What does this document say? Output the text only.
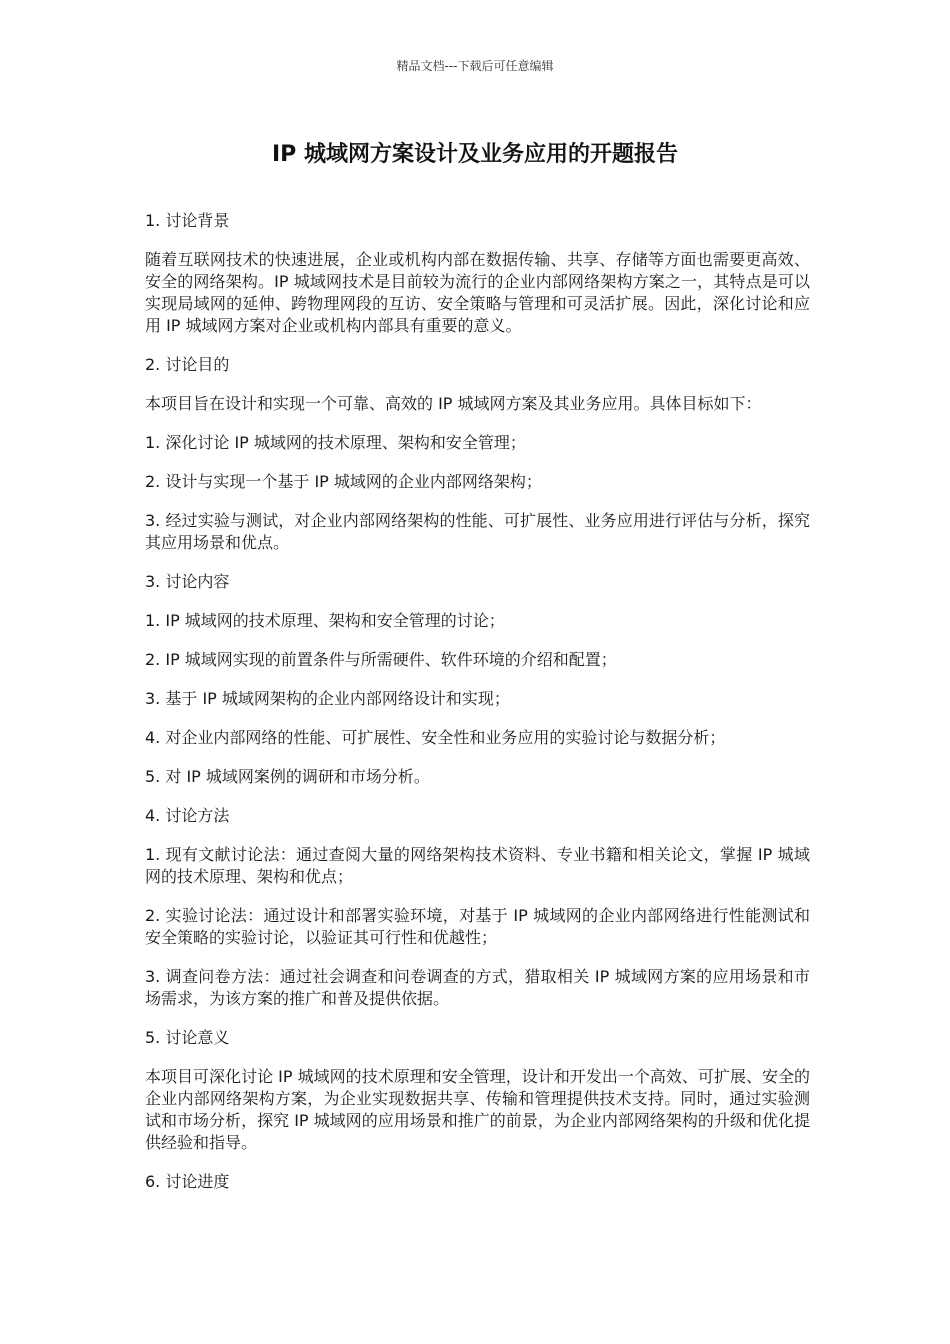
精品文档---下载后可任意编辑
IP 城域网方案设计及业务应用的开题报告

1. 讨论背景

随着互联网技术的快速进展，企业或机构内部在数据传输、共享、存储等方面也需要更高效、安全的网络架构。IP 城域网技术是目前较为流行的企业内部网络架构方案之一，其特点是可以实现局域网的延伸、跨物理网段的互访、安全策略与管理和可灵活扩展。因此，深化讨论和应用 IP 城域网方案对企业或机构内部具有重要的意义。

2. 讨论目的

本项目旨在设计和实现一个可靠、高效的 IP 城域网方案及其业务应用。具体目标如下：

1. 深化讨论 IP 城域网的技术原理、架构和安全管理；

2. 设计与实现一个基于 IP 城域网的企业内部网络架构；

3. 经过实验与测试，对企业内部网络架构的性能、可扩展性、业务应用进行评估与分析，探究其应用场景和优点。

3. 讨论内容

1. IP 城域网的技术原理、架构和安全管理的讨论；

2. IP 城域网实现的前置条件与所需硬件、软件环境的介绍和配置；

3. 基于 IP 城域网架构的企业内部网络设计和实现；

4. 对企业内部网络的性能、可扩展性、安全性和业务应用的实验讨论与数据分析；

5. 对 IP 城域网案例的调研和市场分析。

4. 讨论方法

1. 现有文献讨论法：通过查阅大量的网络架构技术资料、专业书籍和相关论文，掌握 IP 城域网的技术原理、架构和优点；

2. 实验讨论法：通过设计和部署实验环境，对基于 IP 城域网的企业内部网络进行性能测试和安全策略的实验讨论，以验证其可行性和优越性；

3. 调查问卷方法：通过社会调查和问卷调查的方式，猎取相关 IP 城域网方案的应用场景和市场需求，为该方案的推广和普及提供依据。

5. 讨论意义

本项目可深化讨论 IP 城域网的技术原理和安全管理，设计和开发出一个高效、可扩展、安全的企业内部网络架构方案，为企业实现数据共享、传输和管理提供技术支持。同时，通过实验测试和市场分析，探究 IP 城域网的应用场景和推广的前景，为企业内部网络架构的升级和优化提供经验和指导。

6. 讨论进度
